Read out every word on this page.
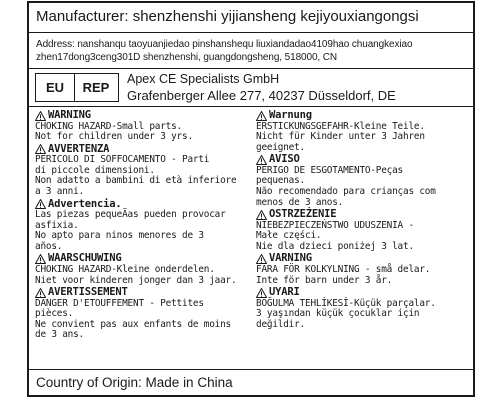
Manufacturer: shenzhenshi yijiansheng kejiyouxiangongsi
Address: nanshanqu taoyuanjiedao pinshanshequ liuxiandadao4109hao chuangkexiao
zhen17dong3ceng301D shenzhenshi, guangdongsheng, 518000, CN
EU	REP
Apex CE Specialists GmbH
Grafenberger Allee 277, 40237 Düsseldorf, DE
WARNING
CHOKING HAZARD-Small parts.
Not for children under 3 yrs.
AVVERTENZA
PERICOLO DI SOFFOCAMENTO - Parti
di piccole dimensioni.
Non adatto a bambini di età inferiore
a 3 anni.
Advertencia.
Las piezas pequeÃas pueden provocar
asfixia.
No apto para ninos menores de 3
años.
WAARSCHUWING
CHOKING HAZARD-Kleine onderdelen.
Niet voor kinderen jonger dan 3 jaar.
AVERTISSEMENT
DANGER D'ETOUFFEMENT - Pettites
pièces.
Ne convient pas aux enfants de moins
de 3 ans.
Warnung
ERSTICKUNGSGEFAHR-Kleine Teile.
Nicht für Kinder unter 3 Jahren
geeignet.
AVISO
PERIGO DE ESGOTAMENTO-Peças
pequenas.
Não recomendado para crianças com
menos de 3 anos.
OSTRZEŻENIE
NIEBEZPIECZEŃSTWO UDUSZENIA -
Małe części.
Nie dla dzieci poniżej 3 lat.
VARNING
FARA FÖR KOLKYLNING - små delar.
Inte för barn under 3 år.
UYARI
BOĞULMA TEHLİKESİ-Küçük parçalar.
3 yaşından küçük çocuklar için
değildir.
Country of Origin: Made in China
